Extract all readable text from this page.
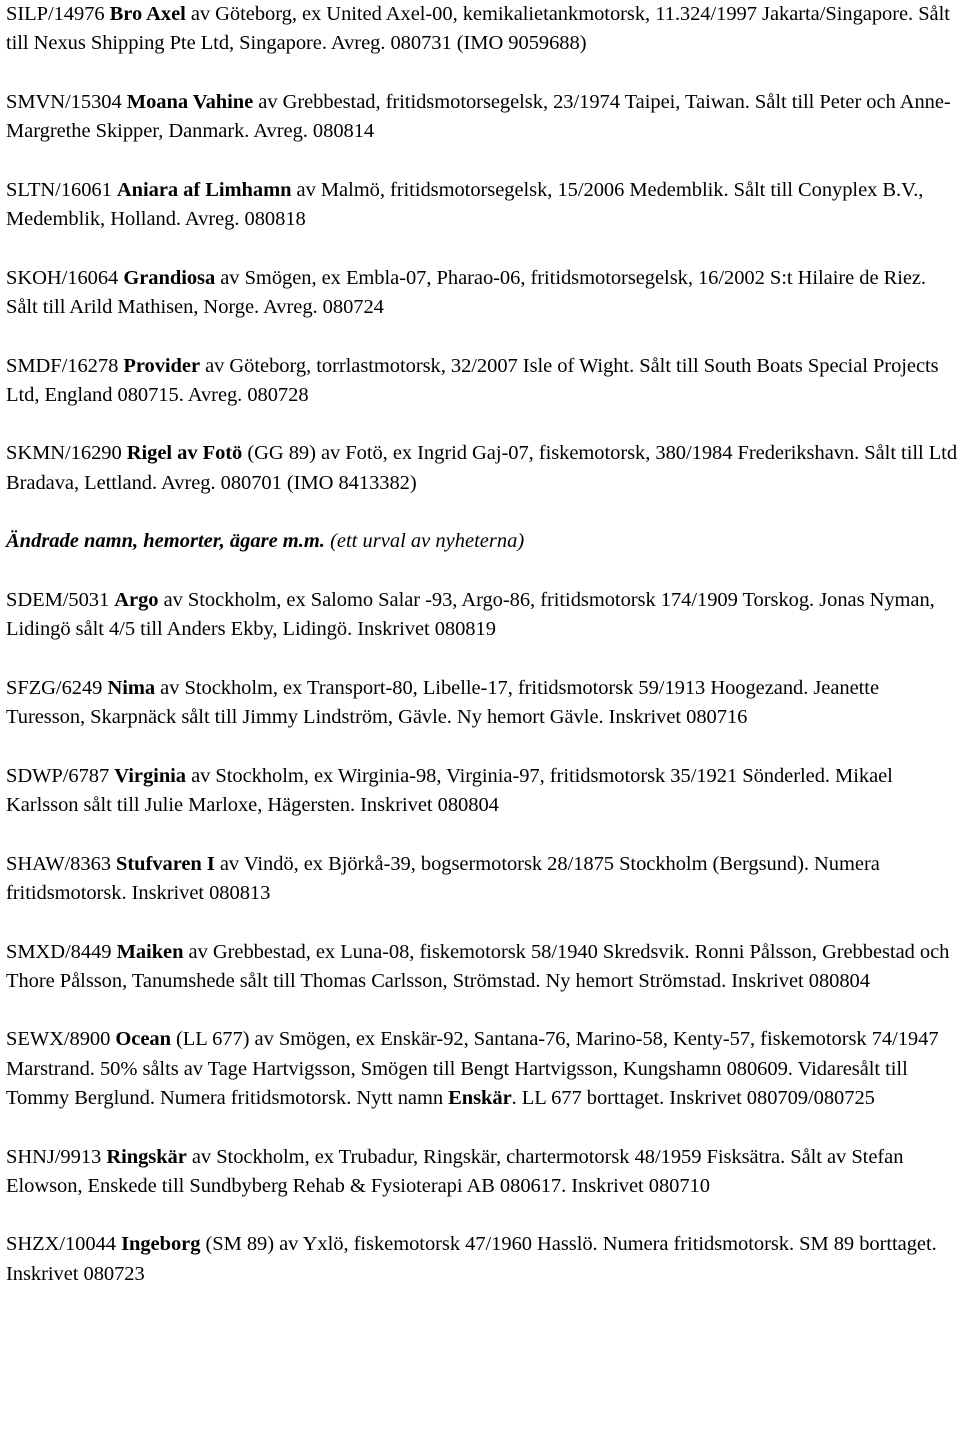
SILP/14976 Bro Axel av Göteborg, ex United Axel-00, kemikalietankmotorsk, 11.324/1997 Jakarta/Singapore. Sålt till Nexus Shipping Pte Ltd, Singapore. Avreg. 080731 (IMO 9059688)

SMVN/15304 Moana Vahine av Grebbestad, fritidsmotorsegelsk, 23/1974 Taipei, Taiwan. Sålt till Peter och Anne-Margrethe Skipper, Danmark. Avreg. 080814

SLTN/16061 Aniara af Limhamn av Malmö, fritidsmotorsegelsk, 15/2006 Medemblik. Sålt till Conyplex B.V., Medemblik, Holland. Avreg. 080818

SKOH/16064 Grandiosa av Smögen, ex Embla-07, Pharao-06, fritidsmotorsegelsk, 16/2002 S:t Hilaire de Riez. Sålt till Arild Mathisen, Norge. Avreg. 080724

SMDF/16278 Provider av Göteborg, torrlastmotorsk, 32/2007 Isle of Wight. Sålt till South Boats Special Projects Ltd, England 080715. Avreg. 080728

SKMN/16290 Rigel av Fotö (GG 89) av Fotö, ex Ingrid Gaj-07, fiskemotorsk, 380/1984 Frederikshavn. Sålt till Ltd Bradava, Lettland. Avreg. 080701 (IMO 8413382)

Ändrade namn, hemorter, ägare m.m. (ett urval av nyheterna)

SDEM/5031 Argo av Stockholm, ex Salomo Salar -93, Argo-86, fritidsmotorsk 174/1909 Torskog. Jonas Nyman, Lidingö sålt 4/5 till Anders Ekby, Lidingö. Inskrivet 080819

SFZG/6249 Nima av Stockholm, ex Transport-80, Libelle-17, fritidsmotorsk 59/1913 Hoogezand. Jeanette Turesson, Skarpnäck sålt till Jimmy Lindström, Gävle. Ny hemort Gävle. Inskrivet 080716

SDWP/6787 Virginia av Stockholm, ex Wirginia-98, Virginia-97, fritidsmotorsk 35/1921 Sönderled. Mikael Karlsson sålt till Julie Marloxe, Hägersten. Inskrivet 080804

SHAW/8363 Stufvaren I av Vindö, ex Björkå-39, bogsermotorsk 28/1875 Stockholm (Bergsund). Numera fritidsmotorsk. Inskrivet 080813

SMXD/8449 Maiken av Grebbestad, ex Luna-08, fiskemotorsk 58/1940 Skredsvik. Ronni Pålsson, Grebbestad och Thore Pålsson, Tanumshede sålt till Thomas Carlsson, Strömstad. Ny hemort Strömstad. Inskrivet 080804

SEWX/8900 Ocean (LL 677) av Smögen, ex Enskär-92, Santana-76, Marino-58, Kenty-57, fiskemotorsk 74/1947 Marstrand. 50% sålts av Tage Hartvigsson, Smögen till Bengt Hartvigsson, Kungshamn 080609. Vidaresålt till Tommy Berglund. Numera fritidsmotorsk. Nytt namn Enskär. LL 677 borttaget. Inskrivet 080709/080725

SHNJ/9913 Ringskär av Stockholm, ex Trubadur, Ringskär, chartermotorsk 48/1959 Fisksätra. Sålt av Stefan Elowson, Enskede till Sundbyberg Rehab & Fysioterapi AB 080617. Inskrivet 080710

SHZX/10044 Ingeborg (SM 89) av Yxlö, fiskemotorsk 47/1960 Hasslö. Numera fritidsmotorsk. SM 89 borttaget. Inskrivet 080723
